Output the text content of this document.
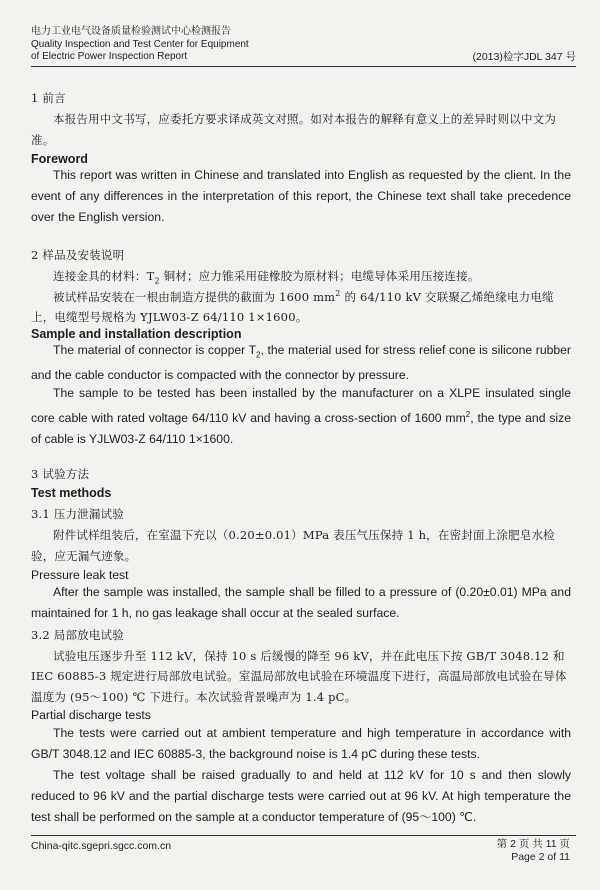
电力工业电气设备质量检验测试中心检测报告
Quality Inspection and Test Center for Equipment
of Electric Power Inspection Report	(2013)检字JDL 347 号
1 前言
本报告用中文书写，应委托方要求译成英文对照。如对本报告的解释有意义上的差异时则以中文为
准。
Foreword
This report was written in Chinese and translated into English as requested by the client. In the event of any differences in the interpretation of this report, the Chinese text shall take precedence over the English version.
2 样品及安装说明
连接金具的材料：$T_2$ 铜材；应力锥采用硅橡胶为原材料；电缆导体采用压接连接。
被试样品安装在一根由制造方提供的截面为 1600 $mm^2$ 的 64/110 kV 交联聚乙烯绝缘电力电缆
上，电缆型号规格为 YJLW03-Z 64/110 1×1600。
Sample and installation description
The material of connector is copper $T_2$, the material used for stress relief cone is silicone rubber and the cable conductor is compacted with the connector by pressure.
The sample to be tested has been installed by the manufacturer on a XLPE insulated single core cable with rated voltage 64/110 kV and having a cross-section of 1600 $mm^2$, the type and size of cable is YJLW03-Z 64/110 1×1600.
3 试验方法
Test methods
3.1 压力泄漏试验
附件试样组装后，在室温下充以（0.20±0.01）MPa 表压气压保持 1 h，在密封面上涂肥皂水检
验，应无漏气迹象。
Pressure leak test
After the sample was installed, the sample shall be filled to a pressure of (0.20±0.01) MPa and maintained for 1 h, no gas leakage shall occur at the sealed surface.
3.2 局部放电试验
试验电压逐步升至 112 kV，保持 10 s 后缓慢的降至 96 kV，并在此电压下按 GB/T 3048.12 和
IEC 60885-3 规定进行局部放电试验。室温局部放电试验在环境温度下进行，高温局部放电试验在导体
温度为 (95～100) ℃ 下进行。本次试验背景噪声为 1.4 pC。
Partial discharge tests
The tests were carried out at ambient temperature and high temperature in accordance with GB/T 3048.12 and IEC 60885-3, the background noise is 1.4 pC during these tests.
The test voltage shall be raised gradually to and held at 112 kV for 10 s and then slowly reduced to 96 kV and the partial discharge tests were carried out at 96 kV. At high temperature the test shall be performed on the sample at a conductor temperature of (95～100) ℃.
China-qitc.sgepri.sgcc.com.cn	第 2 页 共 11 页
Page 2 of 11
